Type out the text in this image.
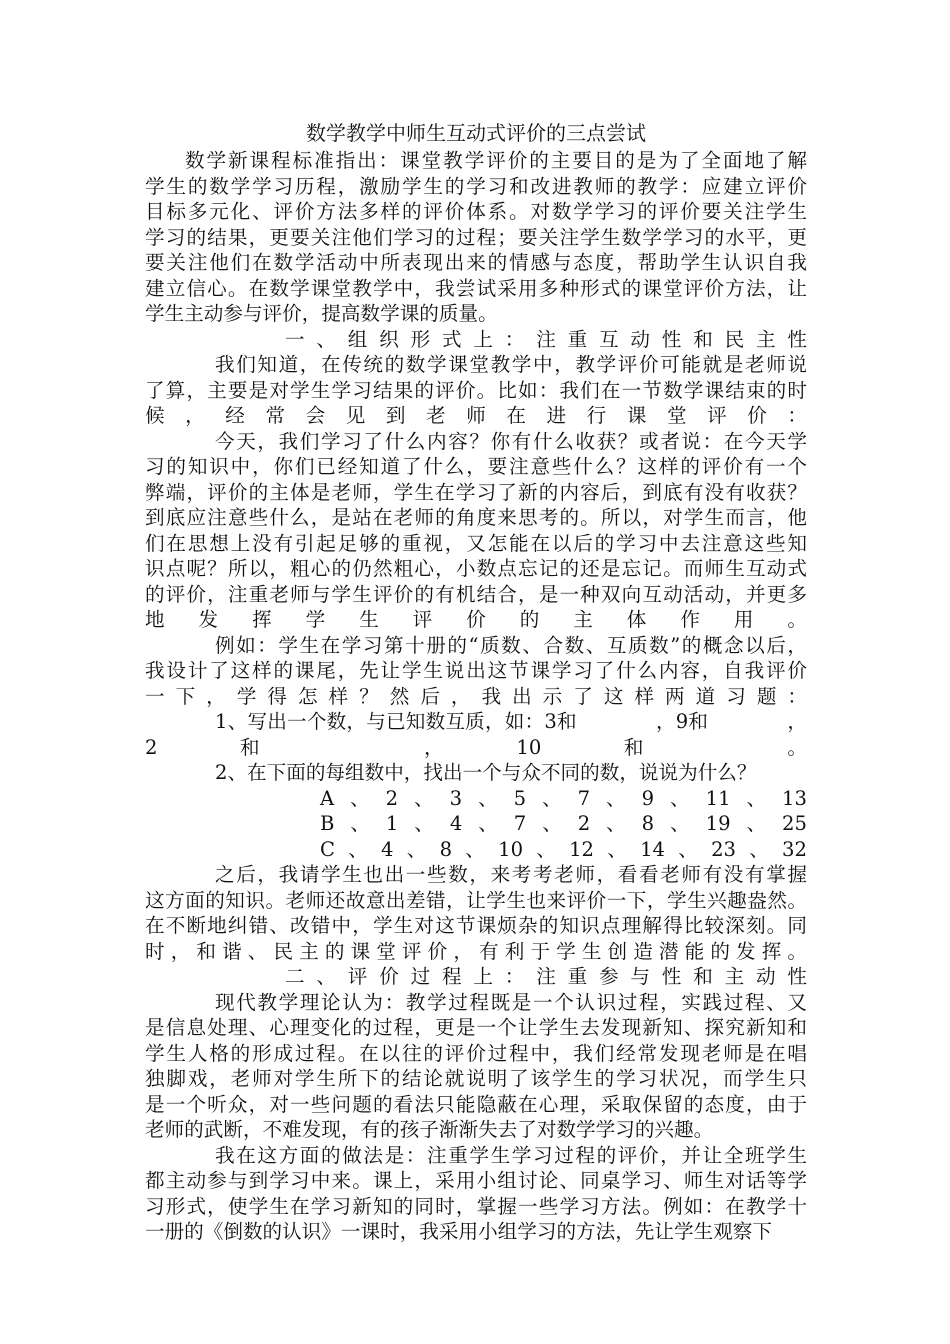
数学教学中师生互动式评价的三点尝试
数学新课程标准指出：课堂教学评价的主要目的是为了全面地了解
学生的数学学习历程，激励学生的学习和改进教师的教学：应建立评价
目标多元化、评价方法多样的评价体系。对数学学习的评价要关注学生
学习的结果，更要关注他们学习的过程；要关注学生数学学习的水平，更
要关注他们在数学活动中所表现出来的情感与态度，帮助学生认识自我
建立信心。在数学课堂教学中，我尝试采用多种形式的课堂评价方法，让
学生主动参与评价，提高数学课的质量。
一、组织形式上：注重互动性和民主性
我们知道，在传统的数学课堂教学中，教学评价可能就是老师说
了算，主要是对学生学习结果的评价。比如：我们在一节数学课结束的时
候，经常会见到老师在进行课堂评价：
今天，我们学习了什么内容？你有什么收获？或者说：在今天学
习的知识中，你们已经知道了什么，要注意些什么？这样的评价有一个
弊端，评价的主体是老师，学生在学习了新的内容后，到底有没有收获？
到底应注意些什么，是站在老师的角度来思考的。所以，对学生而言，他
们在思想上没有引起足够的重视，又怎能在以后的学习中去注意这些知
识点呢？所以，粗心的仍然粗心，小数点忘记的还是忘记。而师生互动式
的评价，注重老师与学生评价的有机结合，是一种双向互动活动，并更多
地发挥学生评价的主体作用。
例如：学生在学习第十册的“质数、合数、互质数”的概念以后，
我设计了这样的课尾，先让学生说出这节课学习了什么内容，自我评价
一下，学得怎样？然后，我出示了这样两道习题：
1、写出一个数，与已知数互质，如：3和　　　　，9和　　　　，
2　　　　和　　　　　　　　，　　　　10　　　　和　　　　　　　。
2、在下面的每组数中，找出一个与众不同的数，说说为什么？
A、2、3、5、7、9、11、13
B、1、4、7、2、8、19、25
C、4、8、10、12、14、23、32
之后，我请学生也出一些数，来考考老师，看看老师有没有掌握
这方面的知识。老师还故意出差错，让学生也来评价一下，学生兴趣盎然。
在不断地纠错、改错中，学生对这节课烦杂的知识点理解得比较深刻。同
时，和谐、民主的课堂评价，有利于学生创造潜能的发挥。
二、评价过程上：注重参与性和主动性
现代教学理论认为：教学过程既是一个认识过程，实践过程、又
是信息处理、心理变化的过程，更是一个让学生去发现新知、探究新知和
学生人格的形成过程。在以往的评价过程中，我们经常发现老师是在唱
独脚戏，老师对学生所下的结论就说明了该学生的学习状况，而学生只
是一个听众，对一些问题的看法只能隐蔽在心理，采取保留的态度，由于
老师的武断，不难发现，有的孩子渐渐失去了对数学学习的兴趣。
我在这方面的做法是：注重学生学习过程的评价，并让全班学生
都主动参与到学习中来。课上，采用小组讨论、同桌学习、师生对话等学
习形式，使学生在学习新知的同时，掌握一些学习方法。例如：在教学十
一册的《倒数的认识》一课时，我采用小组学习的方法，先让学生观察下
